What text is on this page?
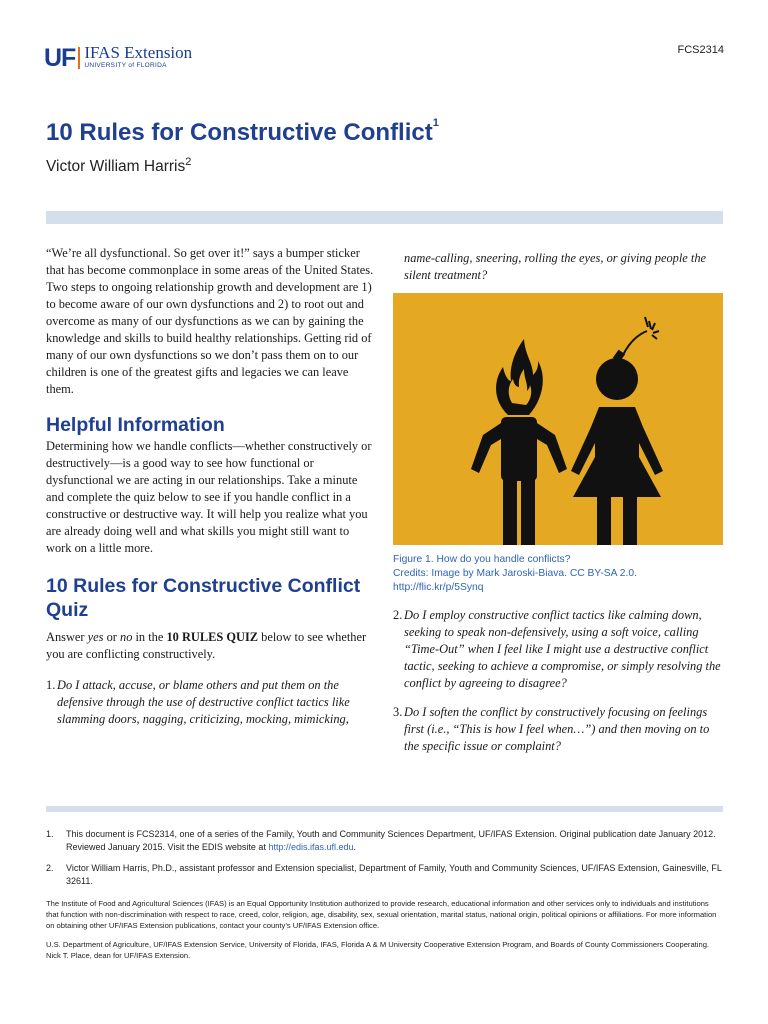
UF IFAS Extension
UNIVERSITY of FLORIDA
FCS2314
10 Rules for Constructive Conflict$^1$
Victor William Harris$^2$

“We’re all dysfunctional. So get over it!” says a bumper sticker that has become commonplace in some areas of the United States. Two steps to ongoing relationship growth and development are 1) to become aware of our own dysfunctions and 2) to root out and overcome as many of our dysfunctions as we can by gaining the knowledge and skills to build healthy relationships. Getting rid of many of our own dysfunctions so we don’t pass them on to our children is one of the greatest gifts and legacies we can leave them.

Helpful Information

Determining how we handle conflicts—whether constructively or destructively—is a good way to see how functional or dysfunctional we are acting in our relationships. Take a minute and complete the quiz below to see if you handle conflict in a constructive or destructive way. It will help you realize what you are already doing well and what skills you might still want to work on a little more.

10 Rules for Constructive Conflict Quiz

Answer yes or no in the 10 RULES QUIZ below to see whether you are conflicting constructively.

1. Do I attack, accuse, or blame others and put them on the defensive through the use of destructive conflict tactics like slamming doors, nagging, criticizing, mocking, mimicking,
name-calling, sneering, rolling the eyes, or giving people the silent treatment?

Figure 1. How do you handle conflicts?
Credits: Image by Mark Jaroski-Biava. CC BY-SA 2.0. http://flic.kr/p/5Synq

2. Do I employ constructive conflict tactics like calming down, seeking to speak non-defensively, using a soft voice, calling “Time-Out” when I feel like I might use a destructive conflict tactic, seeking to achieve a compromise, or simply resolving the conflict by agreeing to disagree?
3. Do I soften the conflict by constructively focusing on feelings first (i.e., “This is how I feel when…”) and then moving on to the specific issue or complaint?
1.	This document is FCS2314, one of a series of the Family, Youth and Community Sciences Department, UF/IFAS Extension. Original publication date January 2012. Reviewed January 2015. Visit the EDIS website at http://edis.ifas.ufl.edu.
2.	Victor William Harris, Ph.D., assistant professor and Extension specialist, Department of Family, Youth and Community Sciences, UF/IFAS Extension, Gainesville, FL 32611.

The Institute of Food and Agricultural Sciences (IFAS) is an Equal Opportunity Institution authorized to provide research, educational information and other services only to individuals and institutions that function with non-discrimination with respect to race, creed, color, religion, age, disability, sex, sexual orientation, marital status, national origin, political opinions or affiliations. For more information on obtaining other UF/IFAS Extension publications, contact your county’s UF/IFAS Extension office.

U.S. Department of Agriculture, UF/IFAS Extension Service, University of Florida, IFAS, Florida A & M University Cooperative Extension Program, and Boards of County Commissioners Cooperating. Nick T. Place, dean for UF/IFAS Extension.
